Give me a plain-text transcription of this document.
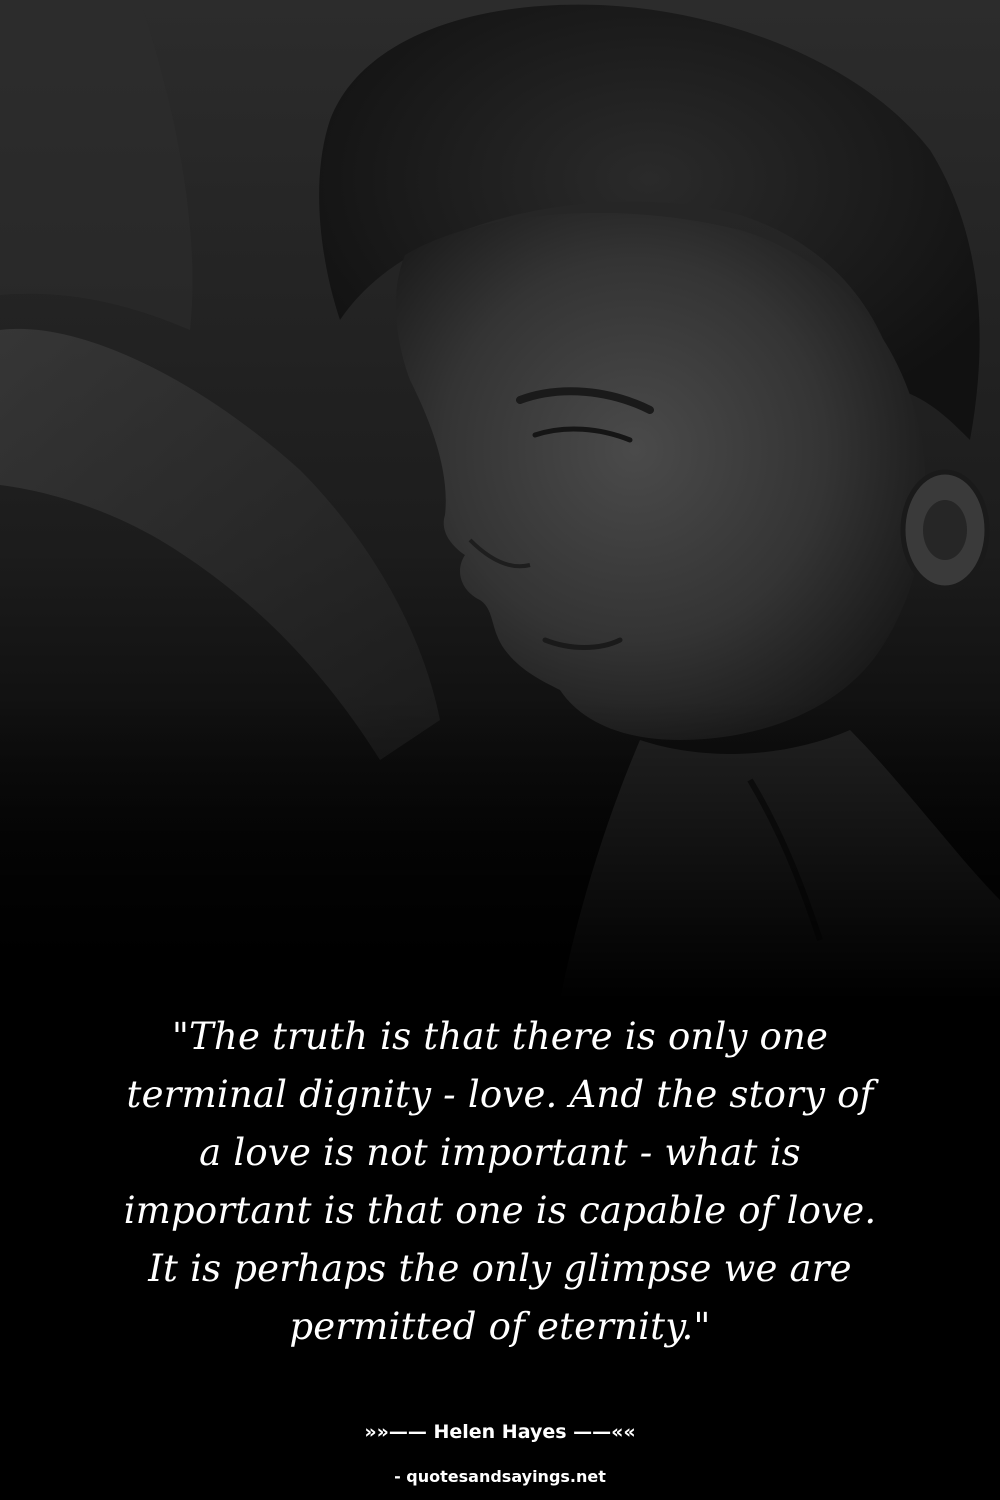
"The truth is that there is only one
terminal dignity - love. And the story of
a love is not important - what is
important is that one is capable of love.
It is perhaps the only glimpse we are
permitted of eternity."

»»—— Helen Hayes ——««
- quotesandsayings.net
